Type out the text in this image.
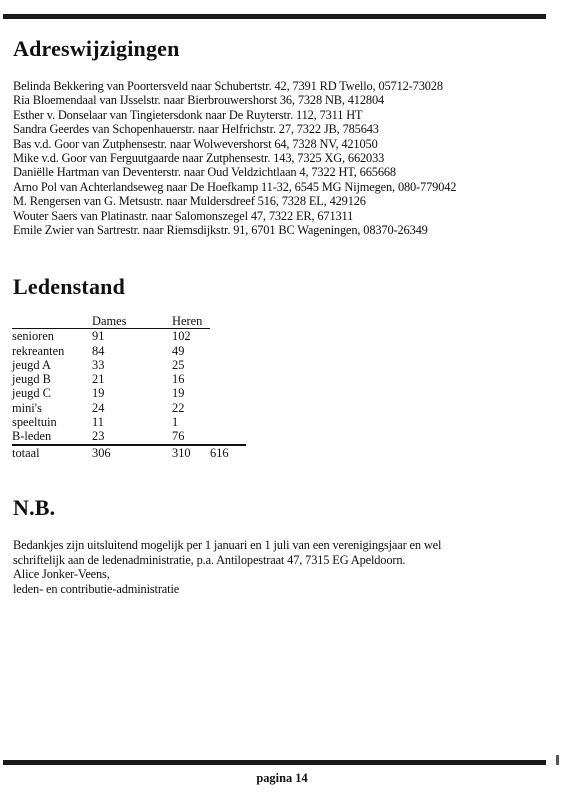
Adreswijzigingen
Belinda Bekkering van Poortersveld naar Schubertstr. 42, 7391 RD Twello, 05712-73028
Ria Bloemendaal van IJsselstr. naar Bierbrouwershorst 36, 7328 NB, 412804
Esther v. Donselaar van Tingietersdonk naar De Ruyterstr. 112, 7311 HT
Sandra Geerdes van Schopenhauerstr. naar Helfrichstr. 27, 7322 JB, 785643
Bas v.d. Goor van Zutphensestr. naar Wolwevershorst 64, 7328 NV, 421050
Mike v.d. Goor van Ferguutgaarde naar Zutphensestr. 143, 7325 XG, 662033
Daniëlle Hartman van Deventerstr. naar Oud Veldzichtlaan 4, 7322 HT, 665668
Arno Pol van Achterlandseweg naar De Hoefkamp 11-32, 6545 MG Nijmegen, 080-779042
M. Rengersen van G. Metsustr. naar Muldersdreef 516, 7328 EL, 429126
Wouter Saers van Platinastr. naar Salomonszegel 47, 7322 ER, 671311
Emile Zwier van Sartrestr. naar Riemsdijkstr. 91, 6701 BC Wageningen, 08370-26349
Ledenstand
	Dames	Heren	
senioren	91	102	
rekreanten	84	49	
jeugd A	33	25	
jeugd B	21	16	
jeugd C	19	19	
mini's	24	22	
speeltuin	11	1	
B-leden	23	76	
totaal	306	310	616
N.B.

Bedankjes zijn uitsluitend mogelijk per 1 januari en 1 juli van een verenigingsjaar en wel

schriftelijk aan de ledenadministratie, p.a. Antilopestraat 47, 7315 EG Apeldoorn.

Alice Jonker-Veens,

leden- en contributie-administratie

pagina 14
